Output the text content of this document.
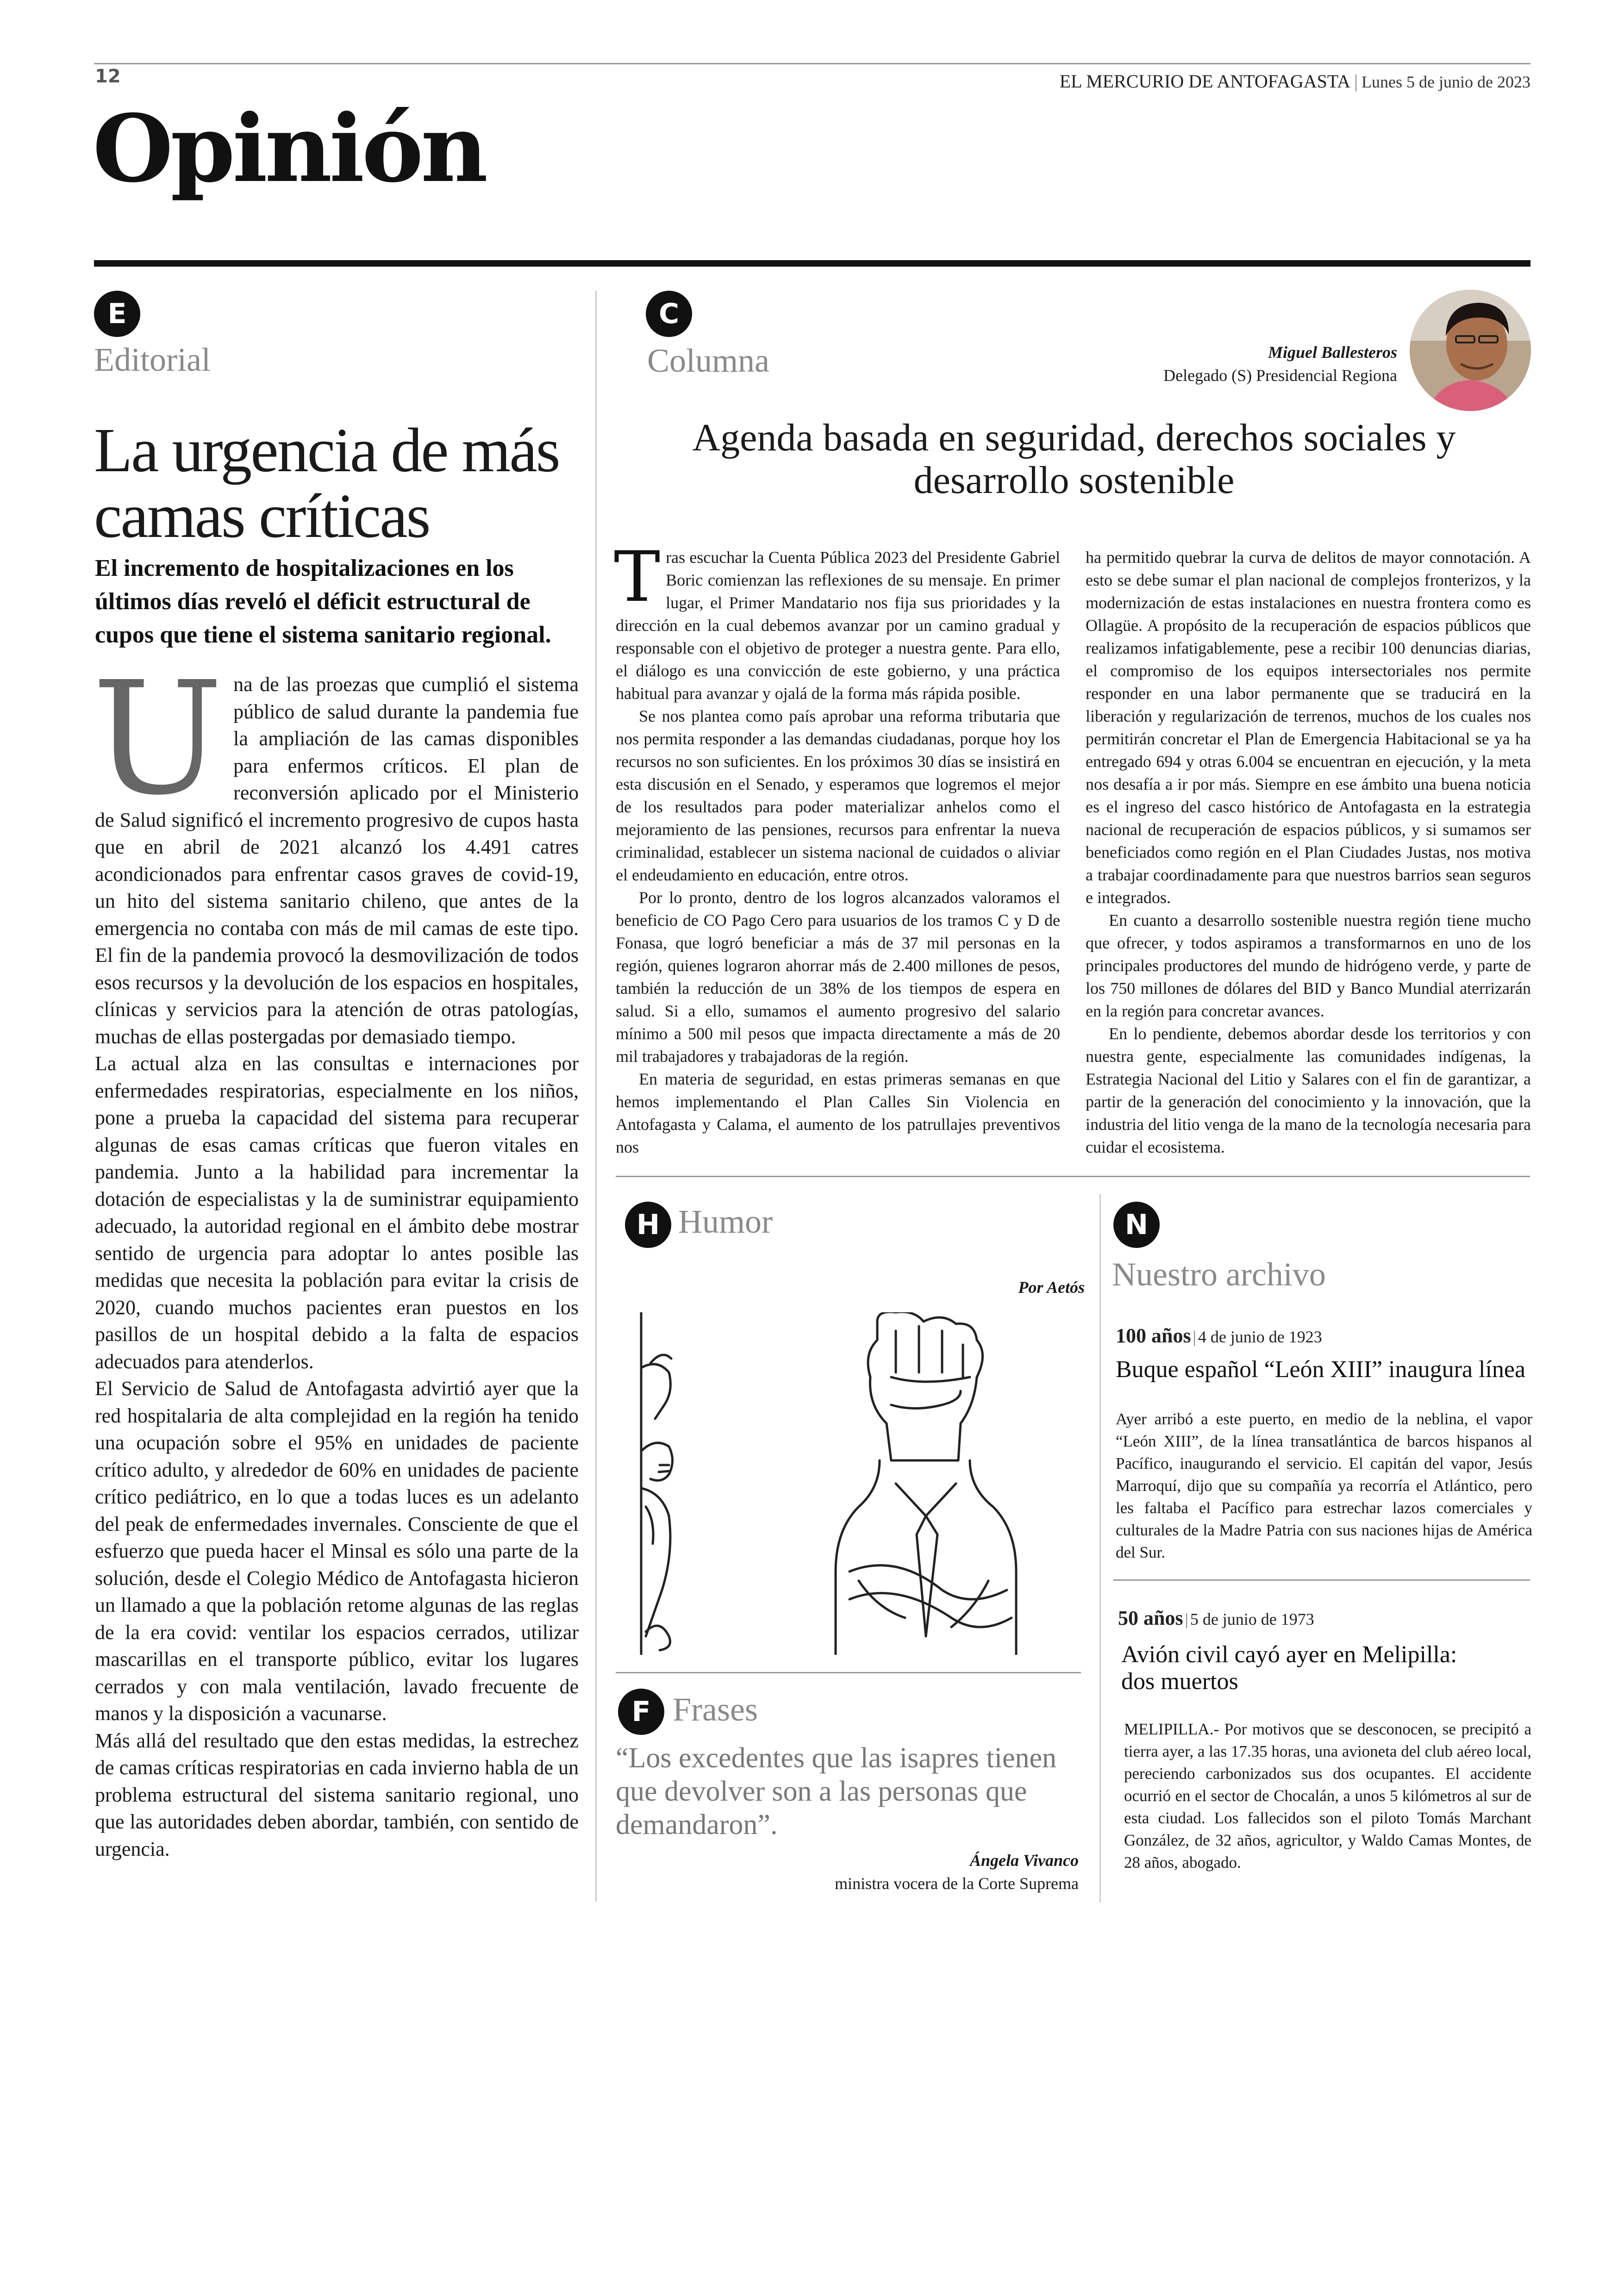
12	EL MERCURIO DE ANTOFAGASTA | Lunes 5 de junio de 2023
Opinión
E
Editorial
La urgencia de más camas críticas
El incremento de hospitalizaciones en los últimos días reveló el déficit estructural de cupos que tiene el sistema sanitario regional.

Una de las proezas que cumplió el sistema público de salud durante la pandemia fue la ampliación de las camas disponibles para enfermos críticos. El plan de reconversión aplicado por el Ministerio de Salud significó el incremento progresivo de cupos hasta que en abril de 2021 alcanzó los 4.491 catres acondicionados para enfrentar casos graves de covid-19, un hito del sistema sanitario chileno, que antes de la emergencia no contaba con más de mil camas de este tipo. El fin de la pandemia provocó la desmovilización de todos esos recursos y la devolución de los espacios en hospitales, clínicas y servicios para la atención de otras patologías, muchas de ellas postergadas por demasiado tiempo.

La actual alza en las consultas e internaciones por enfermedades respiratorias, especialmente en los niños, pone a prueba la capacidad del sistema para recuperar algunas de esas camas críticas que fueron vitales en pandemia. Junto a la habilidad para incrementar la dotación de especialistas y la de suministrar equipamiento adecuado, la autoridad regional en el ámbito debe mostrar sentido de urgencia para adoptar lo antes posible las medidas que necesita la población para evitar la crisis de 2020, cuando muchos pacientes eran puestos en los pasillos de un hospital debido a la falta de espacios adecuados para atenderlos.

El Servicio de Salud de Antofagasta advirtió ayer que la red hospitalaria de alta complejidad en la región ha tenido una ocupación sobre el 95% en unidades de paciente crítico adulto, y alrededor de 60% en unidades de paciente crítico pediátrico, en lo que a todas luces es un adelanto del peak de enfermedades invernales. Consciente de que el esfuerzo que pueda hacer el Minsal es sólo una parte de la solución, desde el Colegio Médico de Antofagasta hicieron un llamado a que la población retome algunas de las reglas de la era covid: ventilar los espacios cerrados, utilizar mascarillas en el transporte público, evitar los lugares cerrados y con mala ventilación, lavado frecuente de manos y la disposición a vacunarse.

Más allá del resultado que den estas medidas, la estrechez de camas críticas respiratorias en cada invierno habla de un problema estructural del sistema sanitario regional, uno que las autoridades deben abordar, también, con sentido de urgencia.

C
Columna	Miguel Ballesteros
Delegado (S) Presidencial Regiona
Agenda basada en seguridad, derechos sociales y desarrollo sostenible

Tras escuchar la Cuenta Pública 2023 del Presidente Gabriel Boric comienzan las reflexiones de su mensaje. En primer lugar, el Primer Mandatario nos fija sus prioridades y la dirección en la cual debemos avanzar por un camino gradual y responsable con el objetivo de proteger a nuestra gente. Para ello, el diálogo es una convicción de este gobierno, y una práctica habitual para avanzar y ojalá de la forma más rápida posible.

Se nos plantea como país aprobar una reforma tributaria que nos permita responder a las demandas ciudadanas, porque hoy los recursos no son suficientes. En los próximos 30 días se insistirá en esta discusión en el Senado, y esperamos que logremos el mejor de los resultados para poder materializar anhelos como el mejoramiento de las pensiones, recursos para enfrentar la nueva criminalidad, establecer un sistema nacional de cuidados o aliviar el endeudamiento en educación, entre otros.

Por lo pronto, dentro de los logros alcanzados valoramos el beneficio de CO Pago Cero para usuarios de los tramos C y D de Fonasa, que logró beneficiar a más de 37 mil personas en la región, quienes lograron ahorrar más de 2.400 millones de pesos, también la reducción de un 38% de los tiempos de espera en salud. Si a ello, sumamos el aumento progresivo del salario mínimo a 500 mil pesos que impacta directamente a más de 20 mil trabajadores y trabajadoras de la región.

En materia de seguridad, en estas primeras semanas en que hemos implementando el Plan Calles Sin Violencia en Antofagasta y Calama, el aumento de los patrullajes preventivos nos

ha permitido quebrar la curva de delitos de mayor connotación. A esto se debe sumar el plan nacional de complejos fronterizos, y la modernización de estas instalaciones en nuestra frontera como es Ollagüe. A propósito de la recuperación de espacios públicos que realizamos infatigablemente, pese a recibir 100 denuncias diarias, el compromiso de los equipos intersectoriales nos permite responder en una labor permanente que se traducirá en la liberación y regularización de terrenos, muchos de los cuales nos permitirán concretar el Plan de Emergencia Habitacional se ya ha entregado 694 y otras 6.004 se encuentran en ejecución, y la meta nos desafía a ir por más. Siempre en ese ámbito una buena noticia es el ingreso del casco histórico de Antofagasta en la estrategia nacional de recuperación de espacios públicos, y si sumamos ser beneficiados como región en el Plan Ciudades Justas, nos motiva a trabajar coordinadamente para que nuestros barrios sean seguros e integrados.

En cuanto a desarrollo sostenible nuestra región tiene mucho que ofrecer, y todos aspiramos a transformarnos en uno de los principales productores del mundo de hidrógeno verde, y parte de los 750 millones de dólares del BID y Banco Mundial aterrizarán en la región para concretar avances.

En lo pendiente, debemos abordar desde los territorios y con nuestra gente, especialmente las comunidades indígenas, la Estrategia Nacional del Litio y Salares con el fin de garantizar, a partir de la generación del conocimiento y la innovación, que la industria del litio venga de la mano de la tecnología necesaria para cuidar el ecosistema.

H Humor
Por Aetós
F Frases
“Los excedentes que las isapres tienen que devolver son a las personas que demandaron”.
Ángela Vivanco
ministra vocera de la Corte Suprema
N
Nuestro archivo
100 años | 4 de junio de 1923
Buque español “León XIII” inaugura línea
Ayer arribó a este puerto, en medio de la neblina, el vapor “León XIII”, de la línea transatlántica de barcos hispanos al Pacífico, inaugurando el servicio. El capitán del vapor, Jesús Marroquí, dijo que su compañía ya recorría el Atlántico, pero les faltaba el Pacífico para estrechar lazos comerciales y culturales de la Madre Patria con sus naciones hijas de América del Sur.
50 años | 5 de junio de 1973
Avión civil cayó ayer en Melipilla: dos muertos
MELIPILLA.- Por motivos que se desconocen, se precipitó a tierra ayer, a las 17.35 horas, una avioneta del club aéreo local, pereciendo carbonizados sus dos ocupantes. El accidente ocurrió en el sector de Chocalán, a unos 5 kilómetros al sur de esta ciudad. Los fallecidos son el piloto Tomás Marchant González, de 32 años, agricultor, y Waldo Camas Montes, de 28 años, abogado.
